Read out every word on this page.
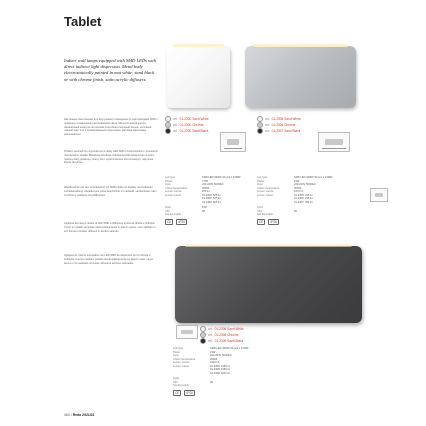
Tablet
Indoor wall lamps equipped with SMD LEDs with direct indirect light dispersion. Metal body electrostatically painted in mat white, sand black or with chrome finish, satin acrylic diffusers.
Настенные светильники для внутреннего освещения со светодиодами SMD с прямым и отраженным рассеиванием света. Металлический корпус, окрашенный электростатическим способом в матовый белый, песочный черный цвет или с хромированным покрытием, матовые акриловые рассеиватели.
Kinkiety wewnętrzne wyposażone w diody LED SMD o bezpośrednim i pośrednim rozpraszaniu światła. Metalowa obudowa malowana elektrostatycznie na kolor matowy biały, piaskowy czarny lub z wykończeniem chromowanym, satynowe klosze akrylowe.
Wandleuchten für den Innenbereich mit SMD-LEDs mit direkter und indirekter Lichtabstrahlung. Metallkorpus pulverbeschichtet in mattweiß, sandschwarz oder verchromt, satinierte Acryldiffusoren.
Applique da interno dotate di LED SMD a diffusione luminosa diretta e indiretta. Corpo in metallo verniciato elettrostaticamente in bianco opaco, nero sabbiato o con finitura cromata, diffusori in acrilico satinato.
Apliques de interior equipados con LED SMD de dispersión de luz directa e indirecta. Cuerpo metálico pintado electrostáticamente en blanco mate, negro arena o con acabado cromado, difusores acrílicos satinados.
art. 01-2300 Sand White
art. 01-2300 Chrome
art. 01-2300 Sand Black
Led type	SMD LED 3000K 90 pcs x 0.08W
Power	7.5W
Input	220-240V 50/60Hz
Colour temperature	3000K
Lumen source	870 lm
Lumen output	01-2300: 525 lm
	01-2300: 525 lm
	01-2300: 525 lm
Optic	150°
CRI	90
Not dimmable	
CE	IP20
art. 01-2305 Sand White
art. 01-2306 Chrome
art. 01-2307 Sand Black
Led type	SMD LED 3000K 90 pcs x 0.08W
Power	16W
Input	220-240V 50/60Hz
Colour temperature	3000K
Lumen source	1070 lm
Lumen output	01-2305: 915 lm
	01-2306: 915 lm
	01-2307: 780 lm
Optic	
CRI	90
Not dimmable	
CE	IP20
art. 01-2306 Sand White
art. 01-2308 Chrome
art. 01-2309 Sand Black
Led type	SMD LED 3000K 96 pcs x 0.45W
Power	21W
Input	220-240V 50/60Hz
Colour temperature	3000K
Lumen source	2420 lm
Lumen output	01-2306: 1350 lm
	01-2308: 1350 lm
	01-2309: 1150 lm
Optic	
CRI	90
Not dimmable	
CE	IP20
464 • Redo 2021/22
